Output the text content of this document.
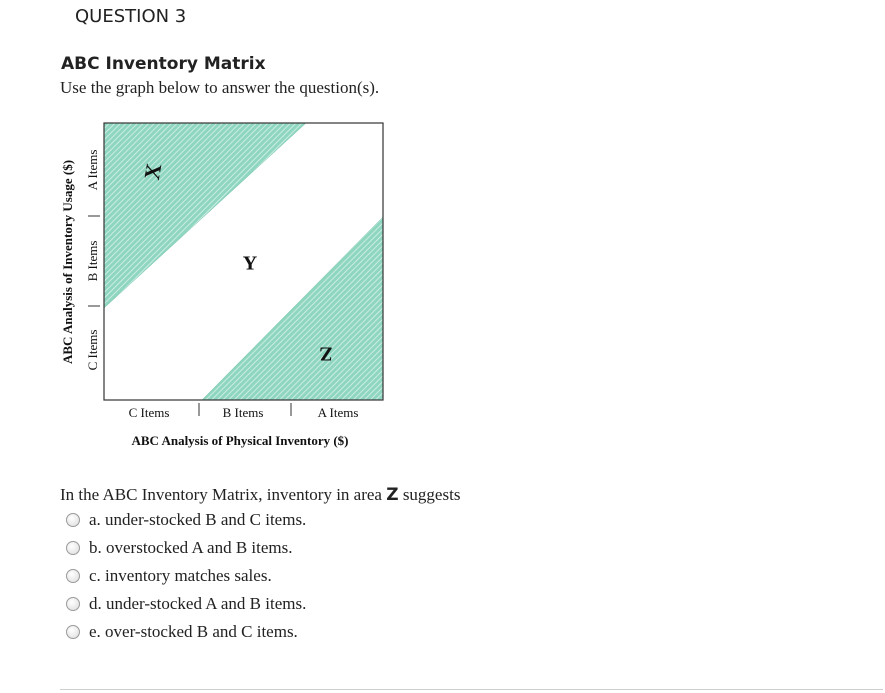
QUESTION 3
ABC Inventory Matrix
Use the graph below to answer the question(s).
X
Y
Z
ABC Analysis of Inventory Usage ($) C Items
B Items
A Items
C Items	B Items	A Items
ABC Analysis of Physical Inventory ($)
In the ABC Inventory Matrix, inventory in area Z suggests
a. under-stocked B and C items.
b. overstocked A and B items.
c. inventory matches sales.
d. under-stocked A and B items.
e. over-stocked B and C items.
